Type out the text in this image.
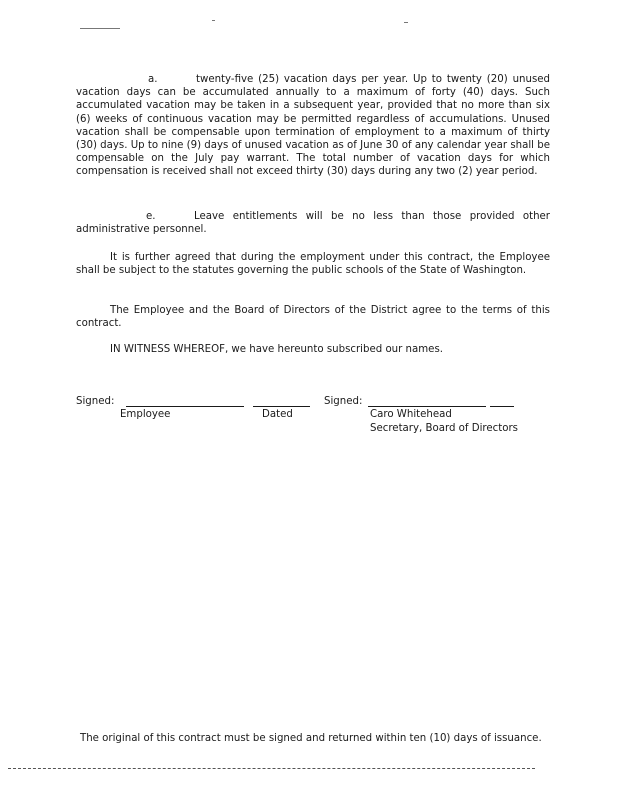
a.	twenty-five (25) vacation days per year. Up to twenty (20) unused vacation days can be accumulated annually to a maximum of forty (40) days. Such accumulated vacation may be taken in a subsequent year, provided that no more than six (6) weeks of continuous vacation may be permitted regardless of accumulations. Unused vacation shall be compensable upon termination of employment to a maximum of thirty (30) days. Up to nine (9) days of unused vacation as of June 30 of any calendar year shall be compensable on the July pay warrant. The total number of vacation days for which compensation is received shall not exceed thirty (30) days during any two (2) year period.

e.	Leave entitlements will be no less than those provided other administrative personnel.

It is further agreed that during the employment under this contract, the Employee shall be subject to the statutes governing the public schools of the State of Washington.

The Employee and the Board of Directors of the District agree to the terms of this contract.

IN WITNESS WHEREOF, we have hereunto subscribed our names.

Signed:	Signed:
Employee	Dated	Caro Whitehead
Secretary, Board of Directors

The original of this contract must be signed and returned within ten (10) days of issuance.
